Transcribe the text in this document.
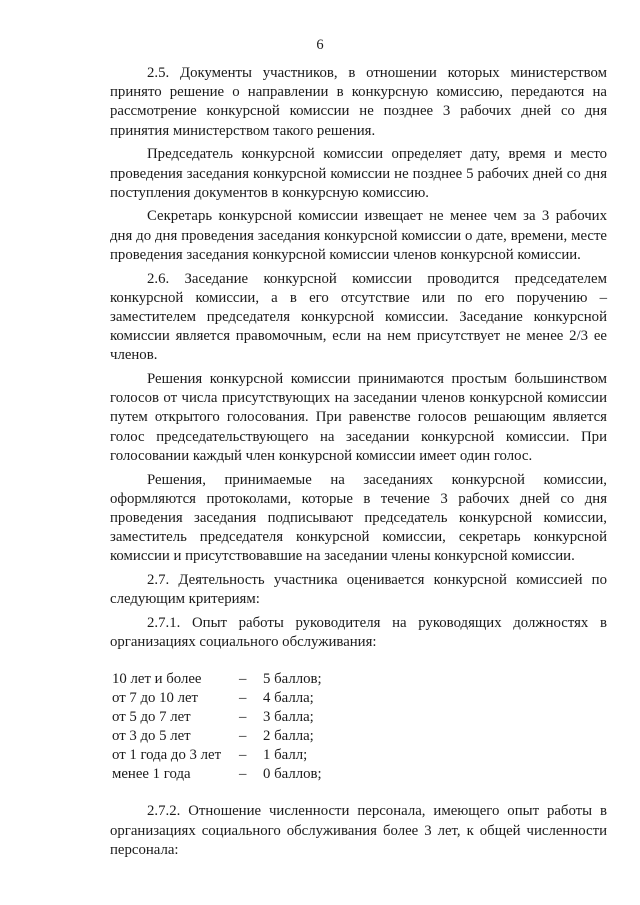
6

2.5. Документы участников, в отношении которых министерством принято решение о направлении в конкурсную комиссию, передаются на рассмотрение конкурсной комиссии не позднее 3 рабочих дней со дня принятия министерством такого решения.

Председатель конкурсной комиссии определяет дату, время и место проведения заседания конкурсной комиссии не позднее 5 рабочих дней со дня поступления документов в конкурсную комиссию.

Секретарь конкурсной комиссии извещает не менее чем за 3 рабочих дня до дня проведения заседания конкурсной комиссии о дате, времени, месте проведения заседания конкурсной комиссии членов конкурсной комиссии.

2.6. Заседание конкурсной комиссии проводится председателем конкурсной комиссии, а в его отсутствие или по его поручению – заместителем председателя конкурсной комиссии. Заседание конкурсной комиссии является правомочным, если на нем присутствует не менее 2/3 ее членов.

Решения конкурсной комиссии принимаются простым большинством голосов от числа присутствующих на заседании членов конкурсной комиссии путем открытого голосования. При равенстве голосов решающим является голос председательствующего на заседании конкурсной комиссии. При голосовании каждый член конкурсной комиссии имеет один голос.

Решения, принимаемые на заседаниях конкурсной комиссии, оформляются протоколами, которые в течение 3 рабочих дней со дня проведения заседания подписывают председатель конкурсной комиссии, заместитель председателя конкурсной комиссии, секретарь конкурсной комиссии и присутствовавшие на заседании члены конкурсной комиссии.

2.7. Деятельность участника оценивается конкурсной комиссией по следующим критериям:

2.7.1. Опыт работы руководителя на руководящих должностях в организациях социального обслуживания:

10 лет и более	–	5 баллов;
от 7 до 10 лет	–	4 балла;
от 5 до 7 лет	–	3 балла;
от 3 до 5 лет	–	2 балла;
от 1 года до 3 лет	–	1 балл;
менее 1 года	–	0 баллов;

2.7.2. Отношение численности персонала, имеющего опыт работы в организациях социального обслуживания более 3 лет, к общей численности персонала:
